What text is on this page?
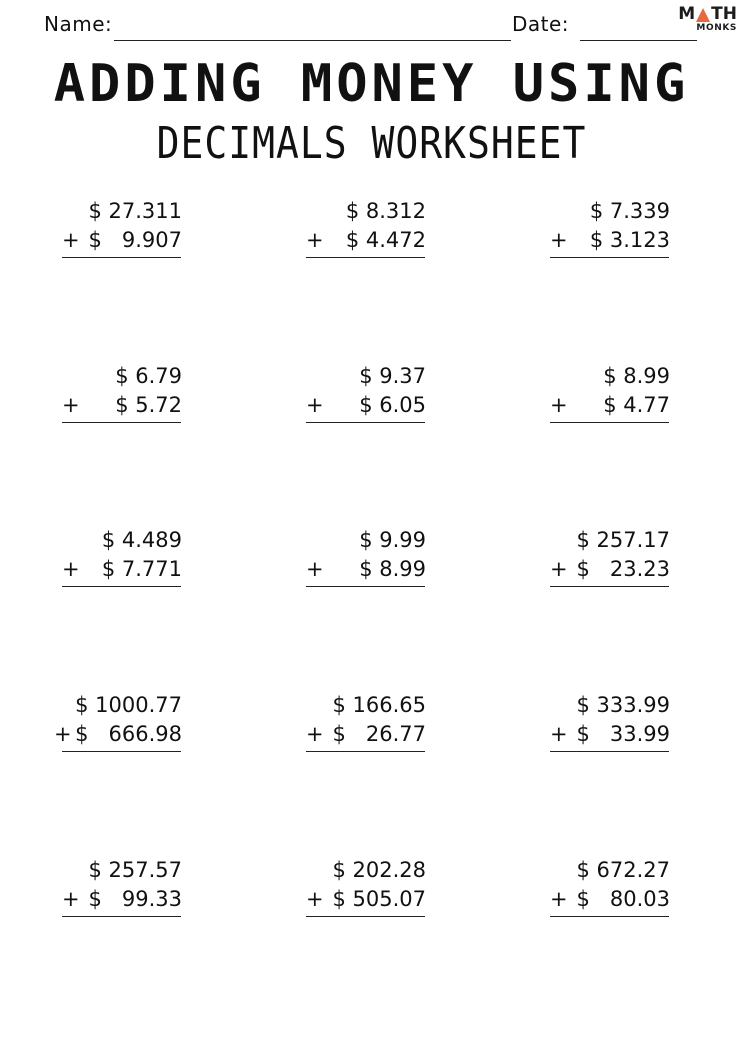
Name:	Date:	M TH
MONKS
ADDING MONEY USING
DECIMALS WORKSHEET
$ 27.311
+ $   9.907
$ 8.312
+ $ 4.472
$ 7.339
+ $ 3.123
$ 6.79
+ $ 5.72
$ 9.37
+ $ 6.05
$ 8.99
+ $ 4.77
$ 4.489
+ $ 7.771
$ 9.99
+ $ 8.99
$ 257.17
+ $   23.23
$ 1000.77
+ $   666.98
$ 166.65
+ $   26.77
$ 333.99
+ $   33.99
$ 257.57
+ $   99.33
$ 202.28
+ $ 505.07
$ 672.27
+ $   80.03
